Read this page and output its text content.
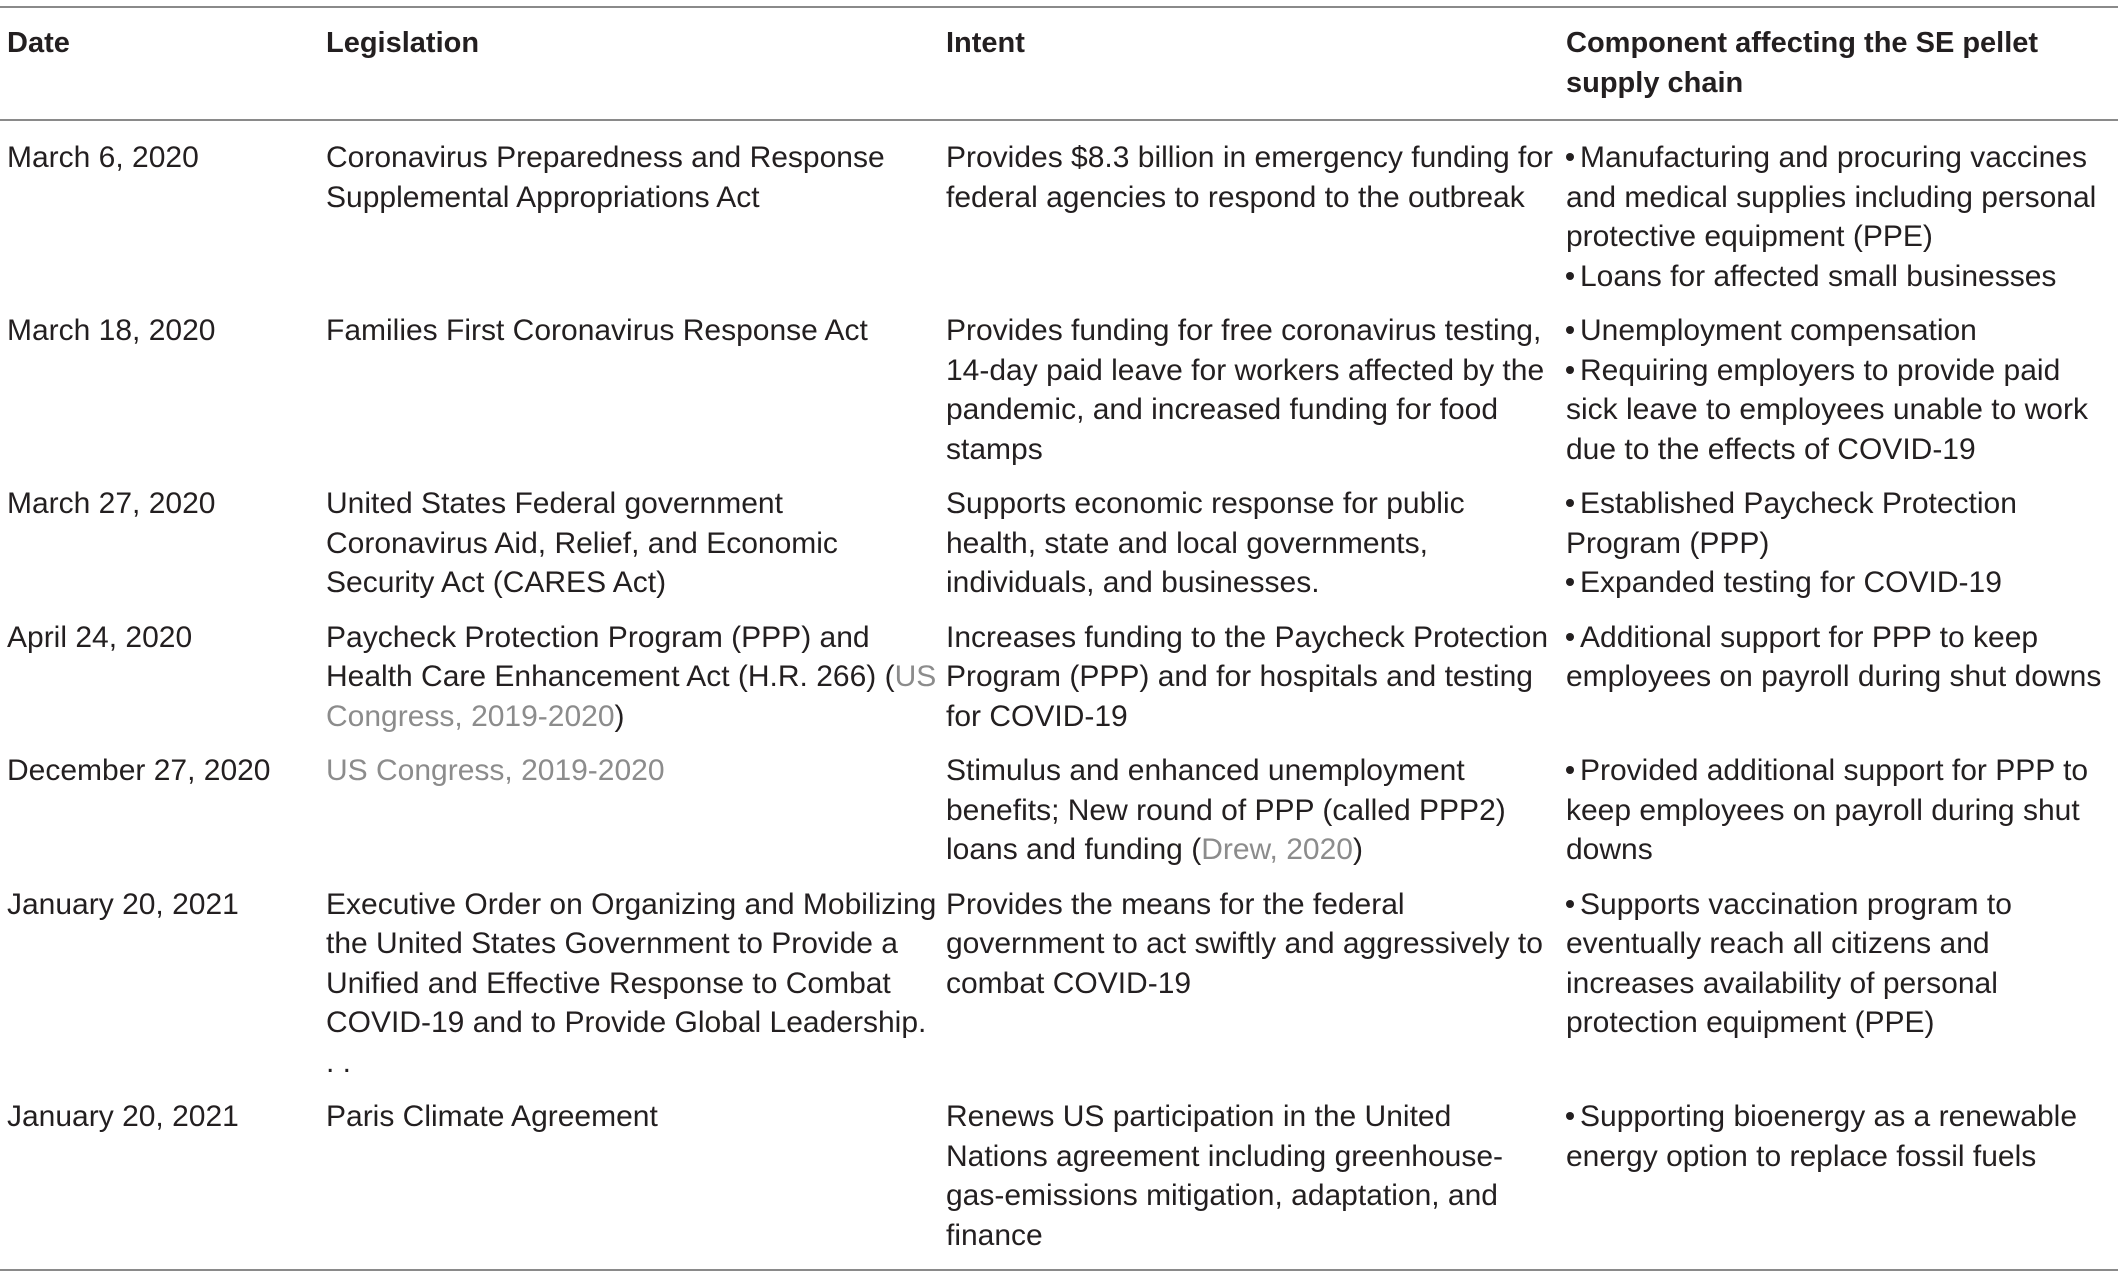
Date	Legislation	Intent	Component affecting the SE pellet supply chain
March 6, 2020	Coronavirus Preparedness and Response Supplemental Appropriations Act	Provides $8.3 billion in emergency funding for federal agencies to respond to the outbreak	Manufacturing and procuring vaccines and medical supplies including personal protective equipment (PPE)
Loans for affected small businesses

March 18, 2020	Families First Coronavirus Response Act	Provides funding for free coronavirus testing, 14-day paid leave for workers affected by the pandemic, and increased funding for food stamps	Unemployment compensation
Requiring employers to provide paid sick leave to employees unable to work due to the effects of COVID-19

March 27, 2020	United States Federal government Coronavirus Aid, Relief, and Economic Security Act (CARES Act)	Supports economic response for public health, state and local governments, individuals, and businesses.	Established Paycheck Protection Program (PPP)
Expanded testing for COVID-19

April 24, 2020	Paycheck Protection Program (PPP) and Health Care Enhancement Act (H.R. 266) (US Congress, 2019-2020)	Increases funding to the Paycheck Protection Program (PPP) and for hospitals and testing for COVID-19	Additional support for PPP to keep employees on payroll during shut downs

December 27, 2020	US Congress, 2019-2020	Stimulus and enhanced unemployment benefits; New round of PPP (called PPP2) loans and funding (Drew, 2020)	Provided additional support for PPP to keep employees on payroll during shut downs

January 20, 2021	Executive Order on Organizing and Mobilizing the United States Government to Provide a Unified and Effective Response to Combat COVID-19 and to Provide Global Leadership. . .	Provides the means for the federal government to act swiftly and aggressively to combat COVID-19	Supports vaccination program to eventually reach all citizens and increases availability of personal protection equipment (PPE)

January 20, 2021	Paris Climate Agreement	Renews US participation in the United Nations agreement including greenhouse-gas-emissions mitigation, adaptation, and finance	Supporting bioenergy as a renewable energy option to replace fossil fuels
